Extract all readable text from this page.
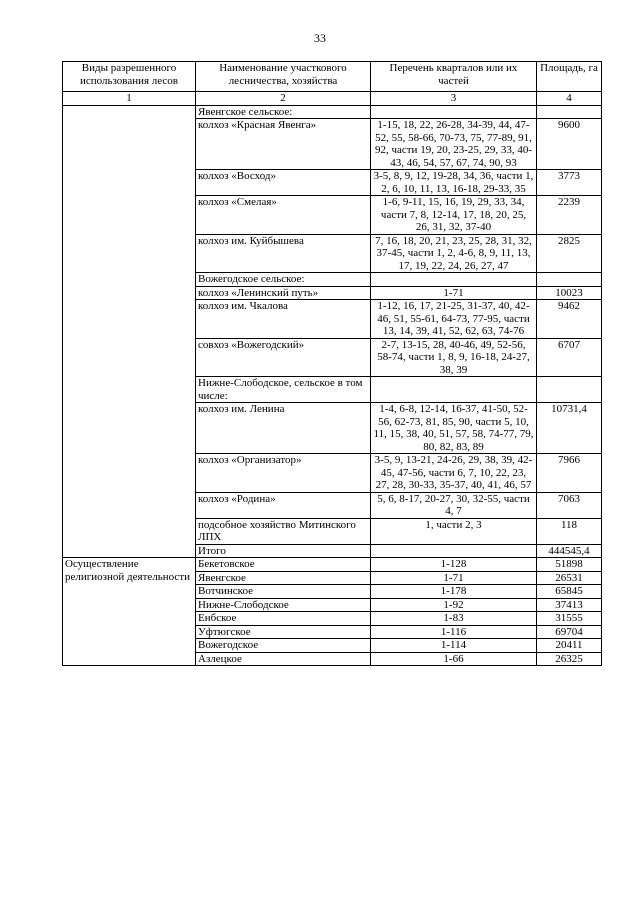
33
Виды разрешенного использования лесов	Наименование участкового лесничества, хозяйства	Перечень кварталов или их частей	Площадь, га
1	2	3	4
	Явенгское сельское:		
	колхоз «Красная Явенга»	1-15, 18, 22, 26-28, 34-39, 44, 47-52, 55, 58-66, 70-73, 75, 77-89, 91, 92, части 19, 20, 23-25, 29, 33, 40-43, 46, 54, 57, 67, 74, 90, 93	9600
	колхоз «Восход»	3-5, 8, 9, 12, 19-28, 34, 36, части 1, 2, 6, 10, 11, 13, 16-18, 29-33, 35	3773
	колхоз «Смелая»	1-6, 9-11, 15, 16, 19, 29, 33, 34, части 7, 8, 12-14, 17, 18, 20, 25, 26, 31, 32, 37-40	2239
	колхоз им. Куйбышева	7, 16, 18, 20, 21, 23, 25, 28, 31, 32, 37-45, части 1, 2, 4-6, 8, 9, 11, 13, 17, 19, 22, 24, 26, 27, 47	2825
	Вожегодское сельское:		
	колхоз «Ленинский путь»	1-71	10023
	колхоз им. Чкалова	1-12, 16, 17, 21-25, 31-37, 40, 42-46, 51, 55-61, 64-73, 77-95, части 13, 14, 39, 41, 52, 62, 63, 74-76	9462
	совхоз «Вожегодский»	2-7, 13-15, 28, 40-46, 49, 52-56, 58-74, части 1, 8, 9, 16-18, 24-27, 38, 39	6707
	Нижне-Слободское, сельское в том числе:		
	колхоз им. Ленина	1-4, 6-8, 12-14, 16-37, 41-50, 52-56, 62-73, 81, 85, 90, части 5, 10, 11, 15, 38, 40, 51, 57, 58, 74-77, 79, 80, 82, 83, 89	10731,4
	колхоз «Организатор»	3-5, 9, 13-21, 24-26, 29, 38, 39, 42-45, 47-56, части 6, 7, 10, 22, 23, 27, 28, 30-33, 35-37, 40, 41, 46, 57	7966
	колхоз «Родина»	5, 6, 8-17, 20-27, 30, 32-55, части 4, 7	7063
	подсобное хозяйство Митинского ЛПХ	1, части 2, 3	118
	Итого		444545,4
Осуществление религиозной деятельности	Бекетовское	1-128	51898
	Явенгское	1-71	26531
	Вотчинское	1-178	65845
	Нижне-Слободское	1-92	37413
	Енбское	1-83	31555
	Уфтюгское	1-116	69704
	Вожегодское	1-114	20411
	Азлецкое	1-66	26325
